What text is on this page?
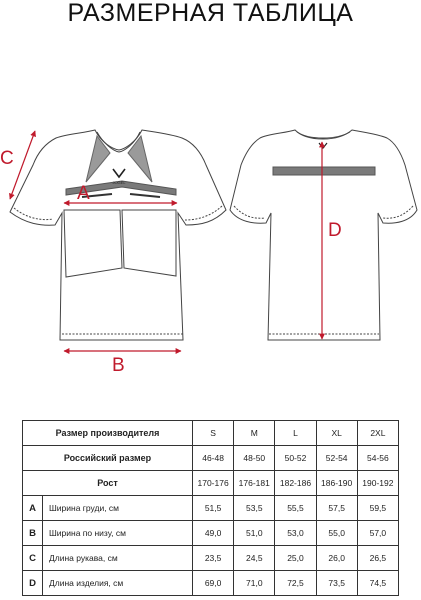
РАЗМЕРНАЯ ТАБЛИЦА
JOGEL
A
B
C
D
Размер производителя		S	M	L	XL	2XL
Российский размер		46-48	48-50	50-52	52-54	54-56
Рост		170-176	176-181	182-186	186-190	190-192
A	Ширина груди, см	51,5	53,5	55,5	57,5	59,5
B	Ширина по низу, см	49,0	51,0	53,0	55,0	57,0
C	Длина рукава, см	23,5	24,5	25,0	26,0	26,5
D	Длина изделия, см	69,0	71,0	72,5	73,5	74,5
